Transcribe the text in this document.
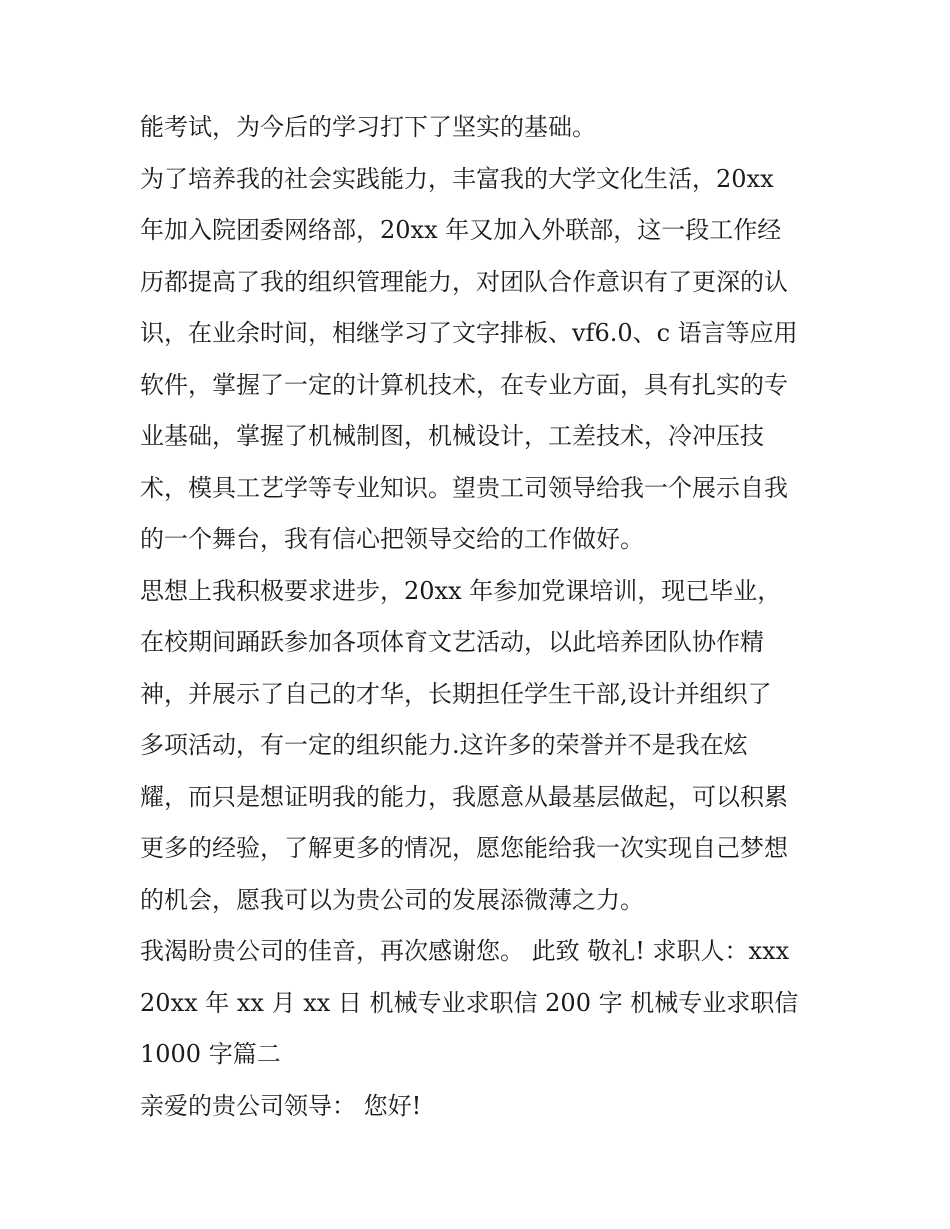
能考试，为今后的学习打下了坚实的基础。
为了培养我的社会实践能力，丰富我的大学文化生活，20xx
年加入院团委网络部，20xx 年又加入外联部，这一段工作经
历都提高了我的组织管理能力，对团队合作意识有了更深的认
识，在业余时间，相继学习了文字排板、vf6.0、c 语言等应用
软件，掌握了一定的计算机技术，在专业方面，具有扎实的专
业基础，掌握了机械制图，机械设计，工差技术，冷冲压技
术，模具工艺学等专业知识。望贵工司领导给我一个展示自我
的一个舞台，我有信心把领导交给的工作做好。
思想上我积极要求进步，20xx 年参加党课培训，现已毕业，
在校期间踊跃参加各项体育文艺活动，以此培养团队协作精
神，并展示了自己的才华，长期担任学生干部,设计并组织了
多项活动，有一定的组织能力.这许多的荣誉并不是我在炫
耀，而只是想证明我的能力，我愿意从最基层做起，可以积累
更多的经验，了解更多的情况，愿您能给我一次实现自己梦想
的机会，愿我可以为贵公司的发展添微薄之力。
我渴盼贵公司的佳音，再次感谢您。 此致 敬礼! 求职人：xxx
20xx 年 xx 月 xx 日 机械专业求职信 200 字 机械专业求职信
1000 字篇二
亲爱的贵公司领导： 您好!
